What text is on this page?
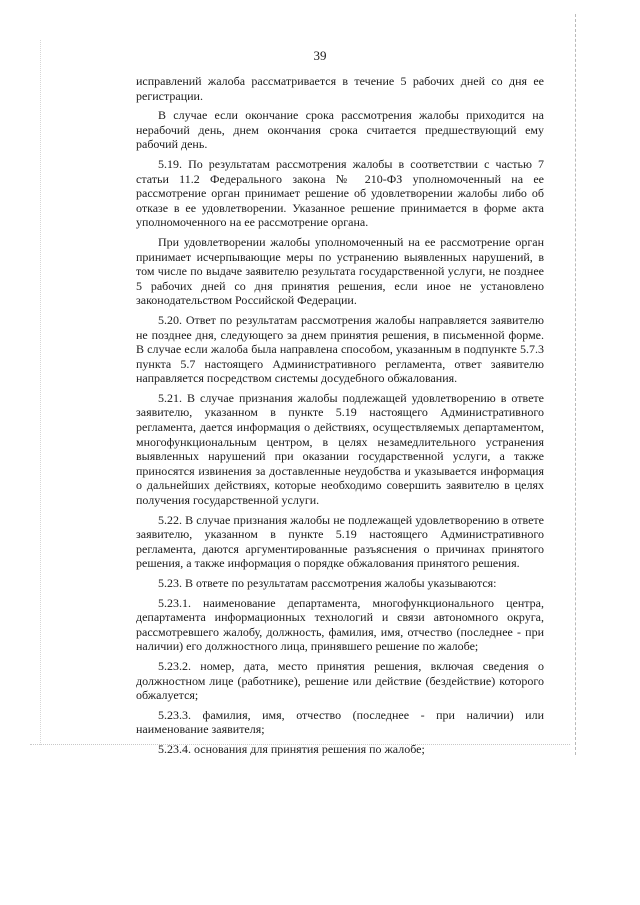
39

исправлений жалоба рассматривается в течение 5 рабочих дней со дня ее регистрации.

В случае если окончание срока рассмотрения жалобы приходится на нерабочий день, днем окончания срока считается предшествующий ему рабочий день.

5.19. По результатам рассмотрения жалобы в соответствии с частью 7 статьи 11.2 Федерального закона № 210-ФЗ уполномоченный на ее рассмотрение орган принимает решение об удовлетворении жалобы либо об отказе в ее удовлетворении. Указанное решение принимается в форме акта уполномоченного на ее рассмотрение органа.

При удовлетворении жалобы уполномоченный на ее рассмотрение орган принимает исчерпывающие меры по устранению выявленных нарушений, в том числе по выдаче заявителю результата государственной услуги, не позднее 5 рабочих дней со дня принятия решения, если иное не установлено законодательством Российской Федерации.

5.20. Ответ по результатам рассмотрения жалобы направляется заявителю не позднее дня, следующего за днем принятия решения, в письменной форме. В случае если жалоба была направлена способом, указанным в подпункте 5.7.3 пункта 5.7 настоящего Административного регламента, ответ заявителю направляется посредством системы досудебного обжалования.

5.21. В случае признания жалобы подлежащей удовлетворению в ответе заявителю, указанном в пункте 5.19 настоящего Административного регламента, дается информация о действиях, осуществляемых департаментом, многофункциональным центром, в целях незамедлительного устранения выявленных нарушений при оказании государственной услуги, а также приносятся извинения за доставленные неудобства и указывается информация о дальнейших действиях, которые необходимо совершить заявителю в целях получения государственной услуги.

5.22. В случае признания жалобы не подлежащей удовлетворению в ответе заявителю, указанном в пункте 5.19 настоящего Административного регламента, даются аргументированные разъяснения о причинах принятого решения, а также информация о порядке обжалования принятого решения.

5.23. В ответе по результатам рассмотрения жалобы указываются:

5.23.1. наименование департамента, многофункционального центра, департамента информационных технологий и связи автономного округа, рассмотревшего жалобу, должность, фамилия, имя, отчество (последнее - при наличии) его должностного лица, принявшего решение по жалобе;

5.23.2. номер, дата, место принятия решения, включая сведения о должностном лице (работнике), решение или действие (бездействие) которого обжалуется;

5.23.3. фамилия, имя, отчество (последнее - при наличии) или наименование заявителя;

5.23.4. основания для принятия решения по жалобе;
